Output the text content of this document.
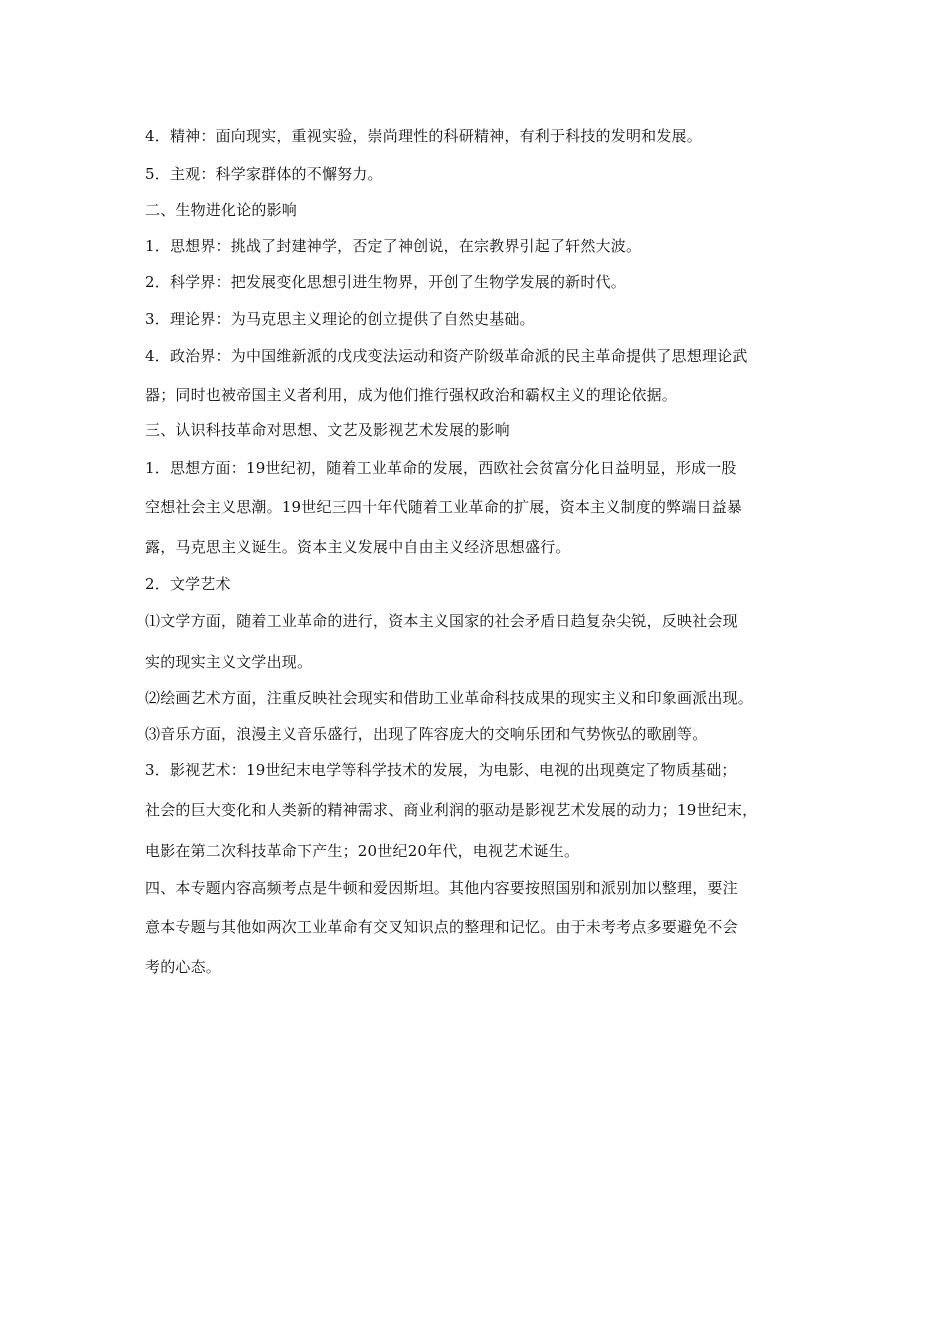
4．精神：面向现实，重视实验，崇尚理性的科研精神，有利于科技的发明和发展。
5．主观：科学家群体的不懈努力。
二、生物进化论的影响
1．思想界：挑战了封建神学，否定了神创说，在宗教界引起了轩然大波。
2．科学界：把发展变化思想引进生物界，开创了生物学发展的新时代。
3．理论界：为马克思主义理论的创立提供了自然史基础。
4．政治界：为中国维新派的戊戌变法运动和资产阶级革命派的民主革命提供了思想理论武
器；同时也被帝国主义者利用，成为他们推行强权政治和霸权主义的理论依据。
三、认识科技革命对思想、文艺及影视艺术发展的影响
1．思想方面：19世纪初，随着工业革命的发展，西欧社会贫富分化日益明显，形成一股
空想社会主义思潮。19世纪三四十年代随着工业革命的扩展，资本主义制度的弊端日益暴
露，马克思主义诞生。资本主义发展中自由主义经济思想盛行。
2．文学艺术
⑴文学方面，随着工业革命的进行，资本主义国家的社会矛盾日趋复杂尖锐，反映社会现
实的现实主义文学出现。
⑵绘画艺术方面，注重反映社会现实和借助工业革命科技成果的现实主义和印象画派出现。
⑶音乐方面，浪漫主义音乐盛行，出现了阵容庞大的交响乐团和气势恢弘的歌剧等。
3．影视艺术：19世纪末电学等科学技术的发展，为电影、电视的出现奠定了物质基础；
社会的巨大变化和人类新的精神需求、商业利润的驱动是影视艺术发展的动力；19世纪末，
电影在第二次科技革命下产生；20世纪20年代，电视艺术诞生。
四、本专题内容高频考点是牛顿和爱因斯坦。其他内容要按照国别和派别加以整理，要注
意本专题与其他如两次工业革命有交叉知识点的整理和记忆。由于未考考点多要避免不会
考的心态。
